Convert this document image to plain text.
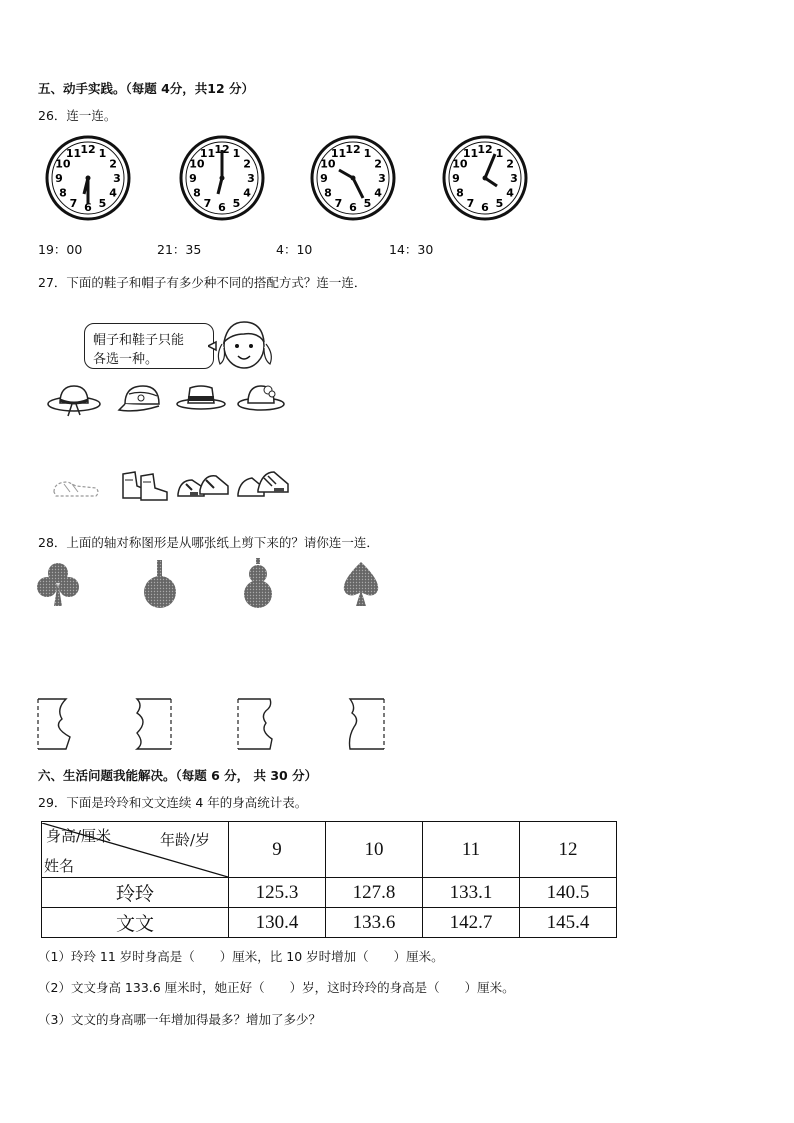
五、动手实践。（每题 4分，共12 分）
26．连一连。
12 1
2
3
4
5
6
7
8
9
10
11	12 1
2
3
4
5
6
7
8
9
10
11	12 1
2
3
4
5
6
7
8
9
10
11	12 1
2
3
4
5
6
7
8
9
10
11
19：00	21：35	4：10	14：30
27．下面的鞋子和帽子有多少种不同的搭配方式？连一连．
帽子和鞋子只能
各选一种。
28．上面的轴对称图形是从哪张纸上剪下来的？请你连一连．
六、生活问题我能解决。（每题 6 分， 共 30 分）
29．下面是玲玲和文文连续 4 年的身高统计表。
身高/厘米 年龄/岁
姓名	9	10	11	12
玲玲	125.3	127.8	133.1	140.5
文文	130.4	133.6	142.7	145.4
（1）玲玲 11 岁时身高是（　　）厘米，比 10 岁时增加（　　）厘米。
（2）文文身高 133.6 厘米时，她正好（　　）岁，这时玲玲的身高是（　　）厘米。
（3）文文的身高哪一年增加得最多？增加了多少？
